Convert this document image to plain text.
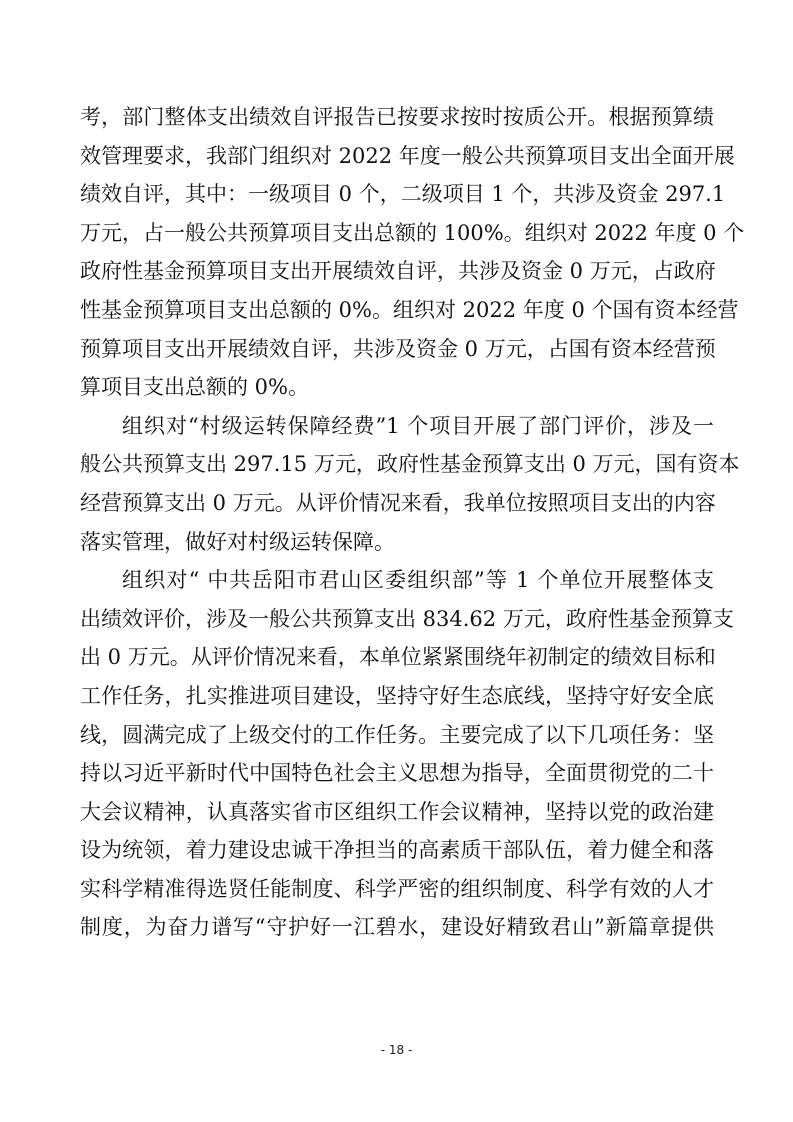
考，部门整体支出绩效自评报告已按要求按时按质公开。根据预算绩
效管理要求，我部门组织对 2022 年度一般公共预算项目支出全面开展
绩效自评，其中：一级项目 0 个，二级项目 1 个，共涉及资金 297.1
万元，占一般公共预算项目支出总额的 100%。组织对 2022 年度 0 个
政府性基金预算项目支出开展绩效自评，共涉及资金 0 万元，占政府
性基金预算项目支出总额的 0%。组织对 2022 年度 0 个国有资本经营
预算项目支出开展绩效自评，共涉及资金 0 万元，占国有资本经营预
算项目支出总额的 0%。
组织对“村级运转保障经费”1 个项目开展了部门评价，涉及一
般公共预算支出 297.15 万元，政府性基金预算支出 0 万元，国有资本
经营预算支出 0 万元。从评价情况来看，我单位按照项目支出的内容
落实管理，做好对村级运转保障。
组织对“ 中共岳阳市君山区委组织部”等 1 个单位开展整体支
出绩效评价，涉及一般公共预算支出 834.62 万元，政府性基金预算支
出 0 万元。从评价情况来看，本单位紧紧围绕年初制定的绩效目标和
工作任务，扎实推进项目建设，坚持守好生态底线，坚持守好安全底
线，圆满完成了上级交付的工作任务。主要完成了以下几项任务：坚
持以习近平新时代中国特色社会主义思想为指导，全面贯彻党的二十
大会议精神，认真落实省市区组织工作会议精神，坚持以党的政治建
设为统领，着力建设忠诚干净担当的高素质干部队伍，着力健全和落
实科学精准得选贤任能制度、科学严密的组织制度、科学有效的人才
制度，为奋力谱写“守护好一江碧水，建设好精致君山”新篇章提供
- 18 -
